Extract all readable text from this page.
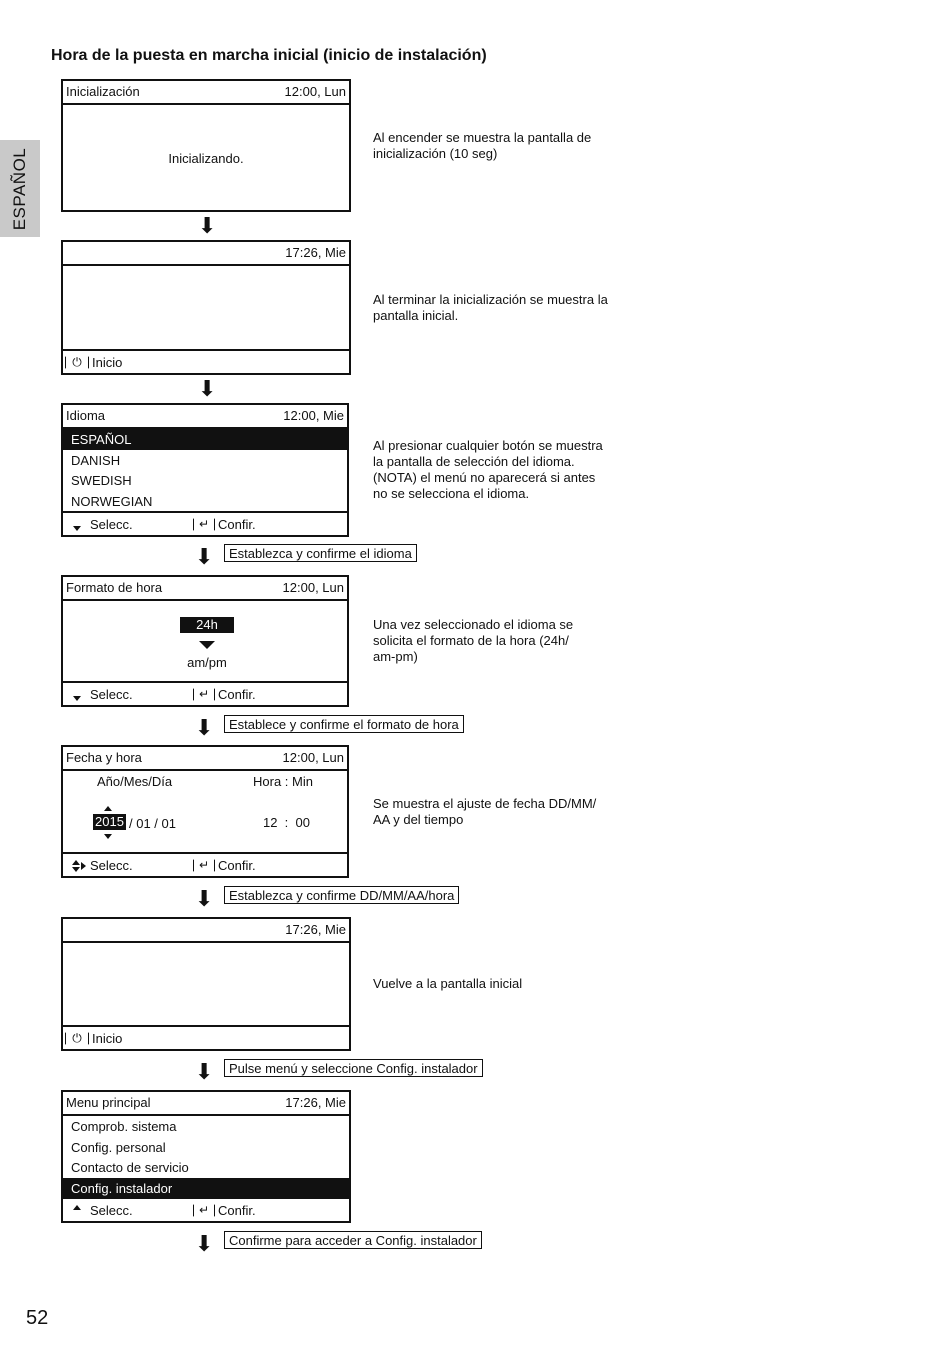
ESPAÑOL
Hora de la puesta en marcha inicial (inicio de instalación)
Inicialización	12:00, Lun
Inicializando.
Al encender se muestra la pantalla de
inicialización (10 seg)
⬇
17:26, Mie
⏻ Inicio
Al terminar la inicialización se muestra la
pantalla inicial.
⬇
Idioma	12:00, Mie
ESPAÑOL
DANISH
SWEDISH
NORWEGIAN
Selecc.	↵ Confir.
Al presionar cualquier botón se muestra
la pantalla de selección del idioma.
(NOTA) el menú no aparecerá si antes
no se selecciona el idioma.
⬇	Establezca y confirme el idioma
Formato de hora	12:00, Lun
24h
am/pm
Selecc.	↵ Confir.
Una vez seleccionado el idioma se
solicita el formato de la hora (24h/
am-pm)
⬇	Establece y confirme el formato de hora
Fecha y hora	12:00, Lun
Año/Mes/Día	Hora : Min
2015 / 01 / 01	12  :  00
Selecc.	↵ Confir.
Se muestra el ajuste de fecha DD/MM/
AA y del tiempo
⬇	Establezca y confirme DD/MM/AA/hora
17:26, Mie
⏻ Inicio
Vuelve a la pantalla inicial
⬇	Pulse menú y seleccione Config. instalador
Menu principal	17:26, Mie
Comprob. sistema
Config. personal
Contacto de servicio
Config. instalador
Selecc.	↵ Confir.
⬇	Confirme para acceder a Config. instalador
52
